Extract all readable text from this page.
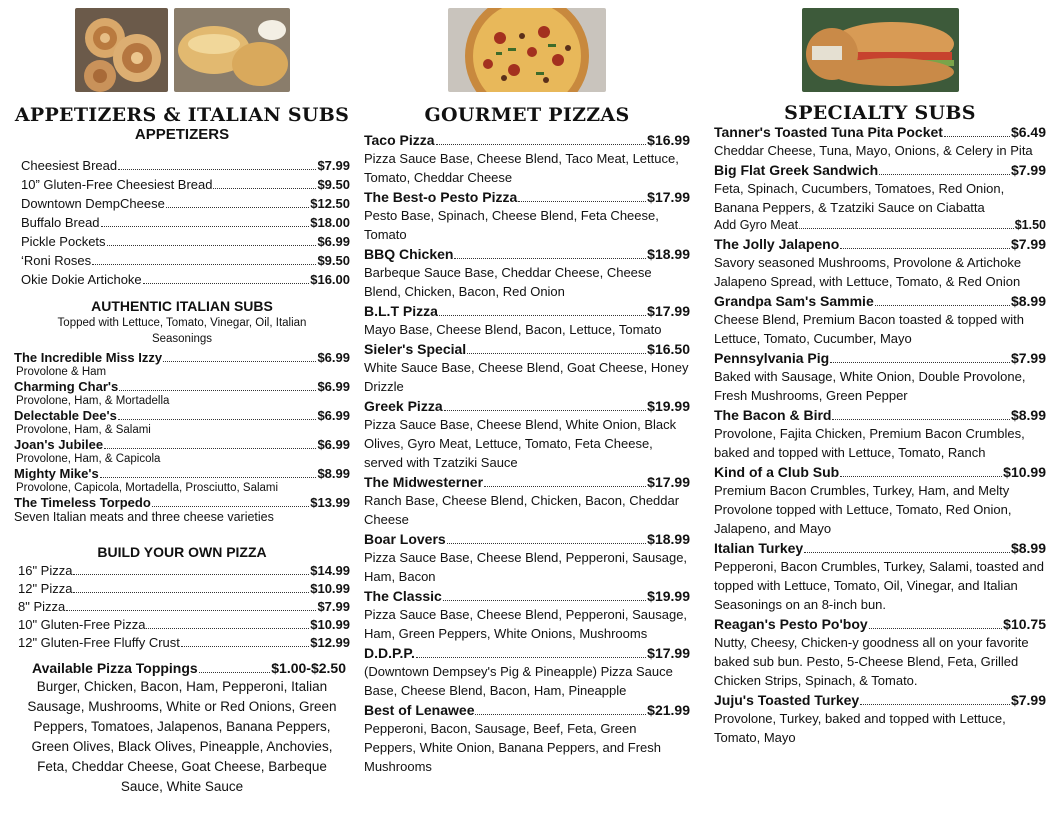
APPETIZERS & ITALIAN SUBS
APPETIZERS
Cheesiest Bread	$7.99
10” Gluten-Free Cheesiest Bread	$9.50
Downtown DempCheese	$12.50
Buffalo Bread	$18.00
Pickle Pockets	$6.99
‘Roni Roses	$9.50
Okie Dokie Artichoke	$16.00
AUTHENTIC ITALIAN SUBS
Topped with Lettuce, Tomato, Vinegar, Oil, Italian Seasonings
The Incredible Miss Izzy	$6.99
Provolone & Ham
Charming Char's	$6.99
Provolone, Ham, & Mortadella
Delectable Dee's	$6.99
Provolone, Ham, & Salami
Joan's Jubilee	$6.99
Provolone, Ham, & Capicola
Mighty Mike's	$8.99
Provolone, Capicola, Mortadella, Prosciutto, Salami
The Timeless Torpedo	$13.99
Seven Italian meats and three cheese varieties
BUILD YOUR OWN PIZZA
16" Pizza	$14.99
12" Pizza	$10.99
8" Pizza	$7.99
10" Gluten-Free Pizza	$10.99
12" Gluten-Free Fluffy Crust	$12.99
Available Pizza Toppings	$1.00-$2.50
Burger, Chicken, Bacon, Ham, Pepperoni, Italian Sausage, Mushrooms, White or Red Onions, Green Peppers, Tomatoes, Jalapenos, Banana Peppers, Green Olives, Black Olives, Pineapple, Anchovies, Feta, Cheddar Cheese, Goat Cheese, Barbeque Sauce, White Sauce
GOURMET PIZZAS
Taco Pizza	$16.99
Pizza Sauce Base, Cheese Blend, Taco Meat, Lettuce, Tomato, Cheddar Cheese
The Best-o Pesto Pizza	$17.99
Pesto Base, Spinach, Cheese Blend, Feta Cheese, Tomato
BBQ Chicken	$18.99
Barbeque Sauce Base, Cheddar Cheese, Cheese Blend, Chicken, Bacon, Red Onion
B.L.T Pizza	$17.99
Mayo Base, Cheese Blend, Bacon, Lettuce, Tomato
Sieler's Special	$16.50
White Sauce Base, Cheese Blend, Goat Cheese, Honey Drizzle
Greek Pizza	$19.99
Pizza Sauce Base, Cheese Blend, White Onion, Black Olives, Gyro Meat, Lettuce, Tomato, Feta Cheese, served with Tzatziki Sauce
The Midwesterner	$17.99
Ranch Base, Cheese Blend, Chicken, Bacon, Cheddar Cheese
Boar Lovers	$18.99
Pizza Sauce Base, Cheese Blend, Pepperoni, Sausage, Ham, Bacon
The Classic	$19.99
Pizza Sauce Base, Cheese Blend, Pepperoni, Sausage, Ham, Green Peppers, White Onions, Mushrooms
D.D.P.P.	$17.99
(Downtown Dempsey's Pig & Pineapple) Pizza Sauce Base, Cheese Blend, Bacon, Ham, Pineapple
Best of Lenawee	$21.99
Pepperoni, Bacon, Sausage, Beef, Feta, Green Peppers, White Onion, Banana Peppers, and Fresh Mushrooms
SPECIALTY SUBS
Tanner's Toasted Tuna Pita Pocket	$6.49
Cheddar Cheese, Tuna, Mayo, Onions, & Celery in Pita
Big Flat Greek Sandwich	$7.99
Feta, Spinach, Cucumbers, Tomatoes, Red Onion, Banana Peppers, & Tzatziki Sauce on Ciabatta
Add Gyro Meat	$1.50
The Jolly Jalapeno	$7.99
Savory seasoned Mushrooms, Provolone & Artichoke Jalapeno Spread, with Lettuce, Tomato, & Red Onion
Grandpa Sam's Sammie	$8.99
Cheese Blend, Premium Bacon toasted & topped with Lettuce, Tomato, Cucumber, Mayo
Pennsylvania Pig	$7.99
Baked with Sausage, White Onion, Double Provolone, Fresh Mushrooms, Green Pepper
The Bacon & Bird	$8.99
Provolone, Fajita Chicken, Premium Bacon Crumbles, baked and topped with Lettuce, Tomato, Ranch
Kind of a Club Sub	$10.99
Premium Bacon Crumbles, Turkey, Ham, and Melty Provolone topped with Lettuce, Tomato, Red Onion, Jalapeno, and Mayo
Italian Turkey	$8.99
Pepperoni, Bacon Crumbles, Turkey, Salami, toasted and topped with Lettuce, Tomato, Oil, Vinegar, and Italian Seasonings on an 8-inch bun.
Reagan's Pesto Po'boy	$10.75
Nutty, Cheesy, Chicken-y goodness all on your favorite baked sub bun. Pesto, 5-Cheese Blend, Feta, Grilled Chicken Strips, Spinach, & Tomato.
Juju's Toasted Turkey	$7.99
Provolone, Turkey, baked and topped with Lettuce, Tomato, Mayo
